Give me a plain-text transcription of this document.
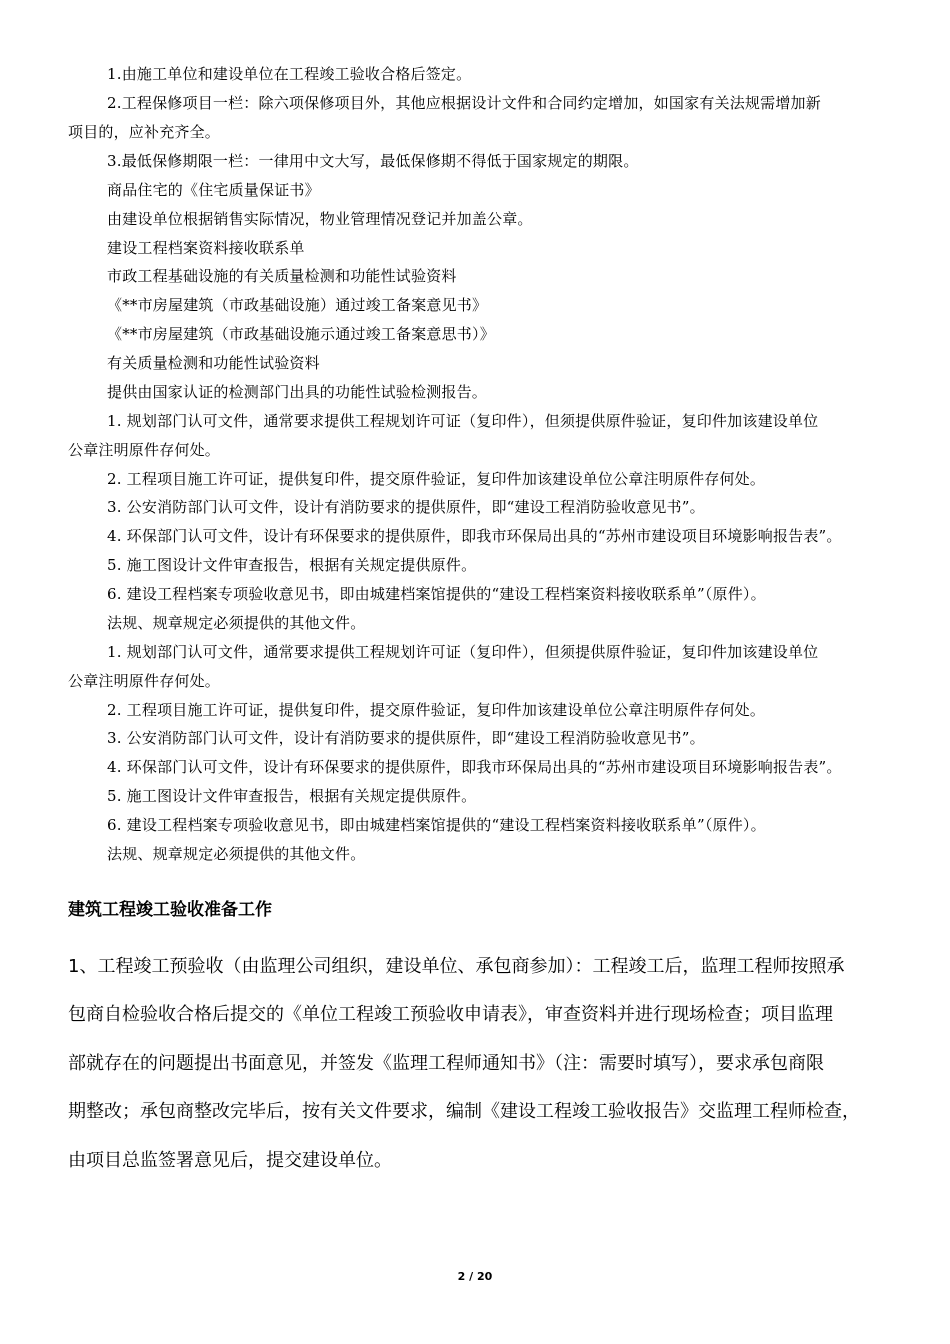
1.由施工单位和建设单位在工程竣工验收合格后签定。
2.工程保修项目一栏：除六项保修项目外，其他应根据设计文件和合同约定增加，如国家有关法规需增加新
项目的，应补充齐全。
3.最低保修期限一栏：一律用中文大写，最低保修期不得低于国家规定的期限。
商品住宅的《住宅质量保证书》
由建设单位根据销售实际情况，物业管理情况登记并加盖公章。
建设工程档案资料接收联系单
市政工程基础设施的有关质量检测和功能性试验资料
《**市房屋建筑（市政基础设施）通过竣工备案意见书》
《**市房屋建筑（市政基础设施示通过竣工备案意思书）》
有关质量检测和功能性试验资料
提供由国家认证的检测部门出具的功能性试验检测报告。
1. 规划部门认可文件，通常要求提供工程规划许可证（复印件），但须提供原件验证，复印件加该建设单位
公章注明原件存何处。
2. 工程项目施工许可证，提供复印件，提交原件验证，复印件加该建设单位公章注明原件存何处。
3. 公安消防部门认可文件，设计有消防要求的提供原件，即“建设工程消防验收意见书”。
4. 环保部门认可文件，设计有环保要求的提供原件，即我市环保局出具的“苏州市建设项目环境影响报告表”。
5. 施工图设计文件审查报告，根据有关规定提供原件。
6. 建设工程档案专项验收意见书，即由城建档案馆提供的“建设工程档案资料接收联系单”（原件）。
法规、规章规定必须提供的其他文件。
1. 规划部门认可文件，通常要求提供工程规划许可证（复印件），但须提供原件验证，复印件加该建设单位
公章注明原件存何处。
2. 工程项目施工许可证，提供复印件，提交原件验证，复印件加该建设单位公章注明原件存何处。
3. 公安消防部门认可文件，设计有消防要求的提供原件，即“建设工程消防验收意见书”。
4. 环保部门认可文件，设计有环保要求的提供原件，即我市环保局出具的“苏州市建设项目环境影响报告表”。
5. 施工图设计文件审查报告，根据有关规定提供原件。
6. 建设工程档案专项验收意见书，即由城建档案馆提供的“建设工程档案资料接收联系单”（原件）。
法规、规章规定必须提供的其他文件。
建筑工程竣工验收准备工作
1、工程竣工预验收（由监理公司组织，建设单位、承包商参加）：工程竣工后，监理工程师按照承
包商自检验收合格后提交的《单位工程竣工预验收申请表》，审查资料并进行现场检查；项目监理
部就存在的问题提出书面意见，并签发《监理工程师通知书》（注：需要时填写），要求承包商限
期整改；承包商整改完毕后，按有关文件要求，编制《建设工程竣工验收报告》交监理工程师检查，
由项目总监签署意见后，提交建设单位。
2 / 20
